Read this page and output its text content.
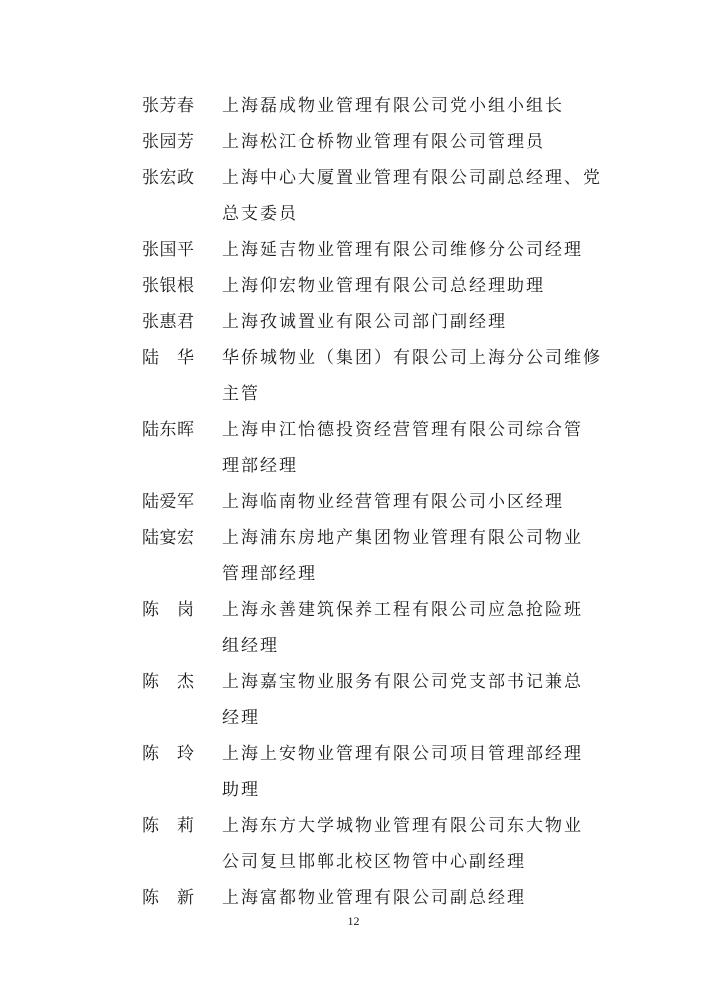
张芳春	上海磊成物业管理有限公司党小组小组长
张园芳	上海松江仓桥物业管理有限公司管理员
张宏政	上海中心大厦置业管理有限公司副总经理、党
总支委员
张国平	上海延吉物业管理有限公司维修分公司经理
张银根	上海仰宏物业管理有限公司总经理助理
张惠君	上海孜诚置业有限公司部门副经理
陆　华	华侨城物业（集团）有限公司上海分公司维修
主管
陆东晖	上海申江怡德投资经营管理有限公司综合管
理部经理
陆爱军	上海临南物业经营管理有限公司小区经理
陆宴宏	上海浦东房地产集团物业管理有限公司物业
管理部经理
陈　岗	上海永善建筑保养工程有限公司应急抢险班
组经理
陈　杰	上海嘉宝物业服务有限公司党支部书记兼总
经理
陈　玲	上海上安物业管理有限公司项目管理部经理
助理
陈　莉	上海东方大学城物业管理有限公司东大物业
公司复旦邯郸北校区物管中心副经理
陈　新	上海富都物业管理有限公司副总经理
12
